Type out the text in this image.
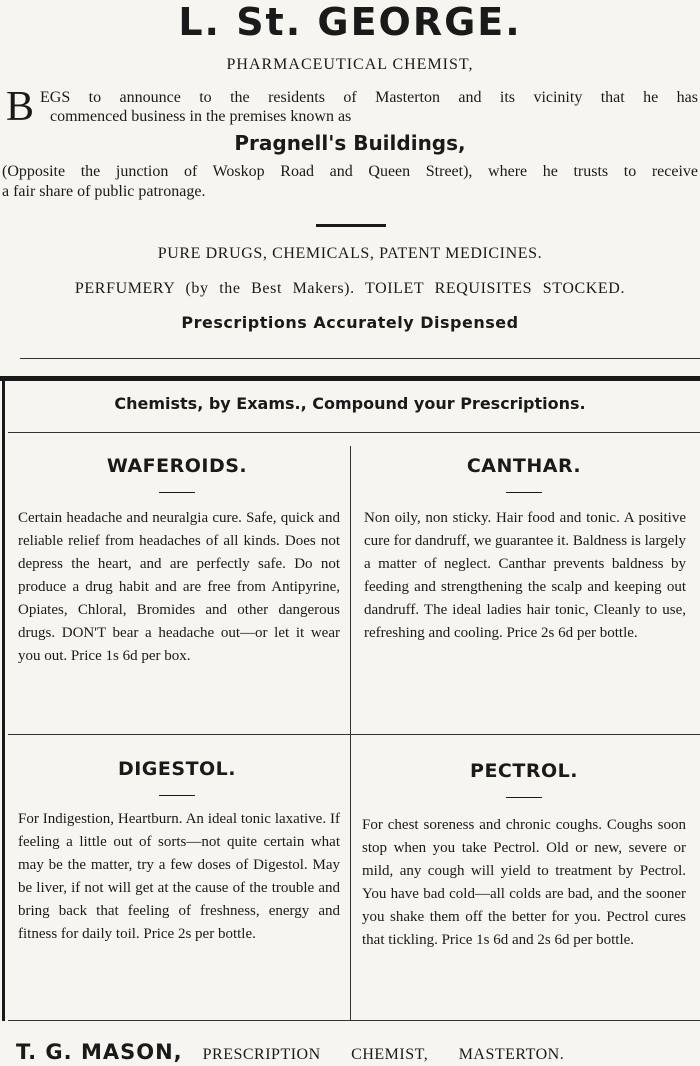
L. St. GEORGE.
PHARMACEUTICAL CHEMIST,
B EGS to announce to the residents of Masterton and its vicinity that he has
commenced business in the premises known as
Pragnell's Buildings,
(Opposite the junction of Woskop Road and Queen Street), where he trusts to receive
a fair share of public patronage.
PURE DRUGS, CHEMICALS, PATENT MEDICINES.
PERFUMERY (by the Best Makers). TOILET REQUISITES STOCKED.
Prescriptions Accurately Dispensed
Chemists, by Exams., Compound your Prescriptions.
WAFEROIDS.
Certain headache and neuralgia cure. Safe, quick and reliable relief from headaches of all kinds. Does not depress the heart, and are perfectly safe. Do not produce a drug habit and are free from Antipyrine, Opiates, Chloral, Bromides and other dangerous drugs. DON'T bear a headache out—or let it wear you out. Price 1s 6d per box.
CANTHAR.
Non oily, non sticky. Hair food and tonic. A positive cure for dandruff, we guarantee it. Baldness is largely a matter of neglect. Canthar prevents baldness by feeding and strengthening the scalp and keeping out dandruff. The ideal ladies hair tonic, Cleanly to use, refreshing and cooling. Price 2s 6d per bottle.
DIGESTOL.
For Indigestion, Heartburn. An ideal tonic laxative. If feeling a little out of sorts—not quite certain what may be the matter, try a few doses of Digestol. May be liver, if not will get at the cause of the trouble and bring back that feeling of freshness, energy and fitness for daily toil. Price 2s per bottle.
PECTROL.
For chest soreness and chronic coughs. Coughs soon stop when you take Pectrol. Old or new, severe or mild, any cough will yield to treatment by Pectrol. You have bad cold—all colds are bad, and the sooner you shake them off the better for you. Pectrol cures that tickling. Price 1s 6d and 2s 6d per bottle.
T. G. MASON, PRESCRIPTION CHEMIST, MASTERTON.
